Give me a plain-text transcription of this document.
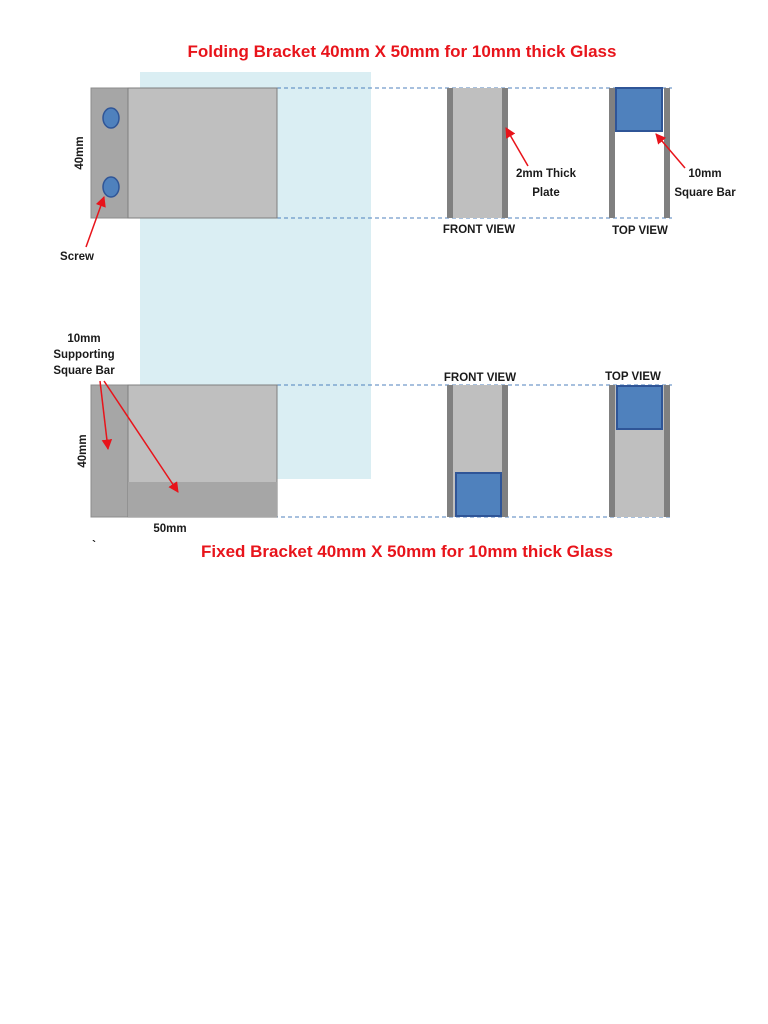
Folding Bracket 40mm X 50mm for 10mm thick Glass
Fixed Bracket 40mm X 50mm for 10mm thick Glass
40mm
40mm
50mm
Screw
2mm Thick
Plate
10mm
Square Bar
FRONT VIEW	TOP VIEW
FRONT VIEW	TOP VIEW
10mm
Supporting
Square Bar
`
